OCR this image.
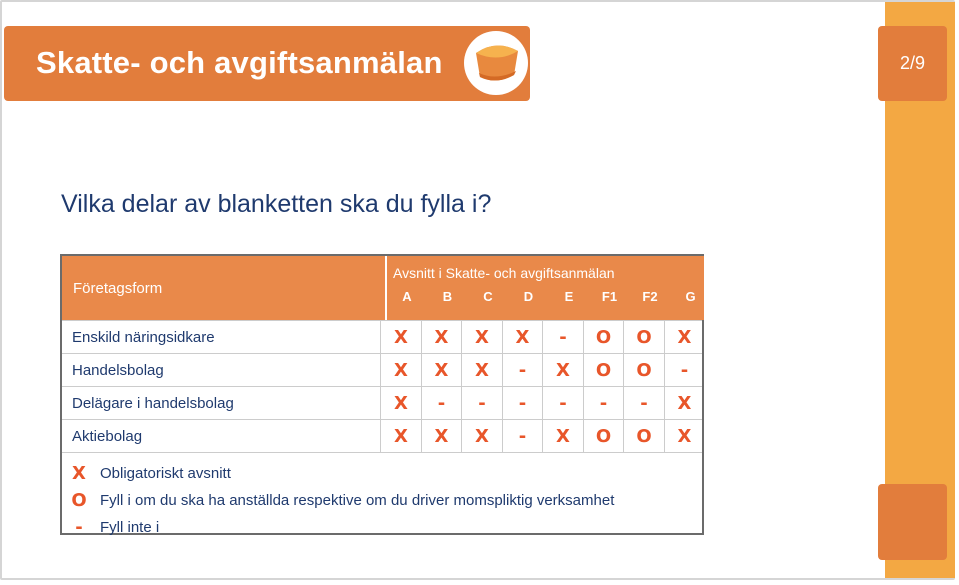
2/9
Skatte- och avgiftsanmälan
Vilka delar av blanketten ska du fylla i?
Företagsform
Avsnitt i Skatte- och avgiftsanmälan
A	B	C	D	E	F1	F2	G
Enskild näringsidkare	X	X	X	X	-	O	O	X
Handelsbolag	X	X	X	-	X	O	O	-
Delägare i handelsbolag	X	-	-	-	-	-	-	X
Aktiebolag	X	X	X	-	X	O	O	X
X Obligatoriskt avsnitt
O Fyll i om du ska ha anställda respektive om du driver momspliktig verksamhet
-	Fyll inte i
